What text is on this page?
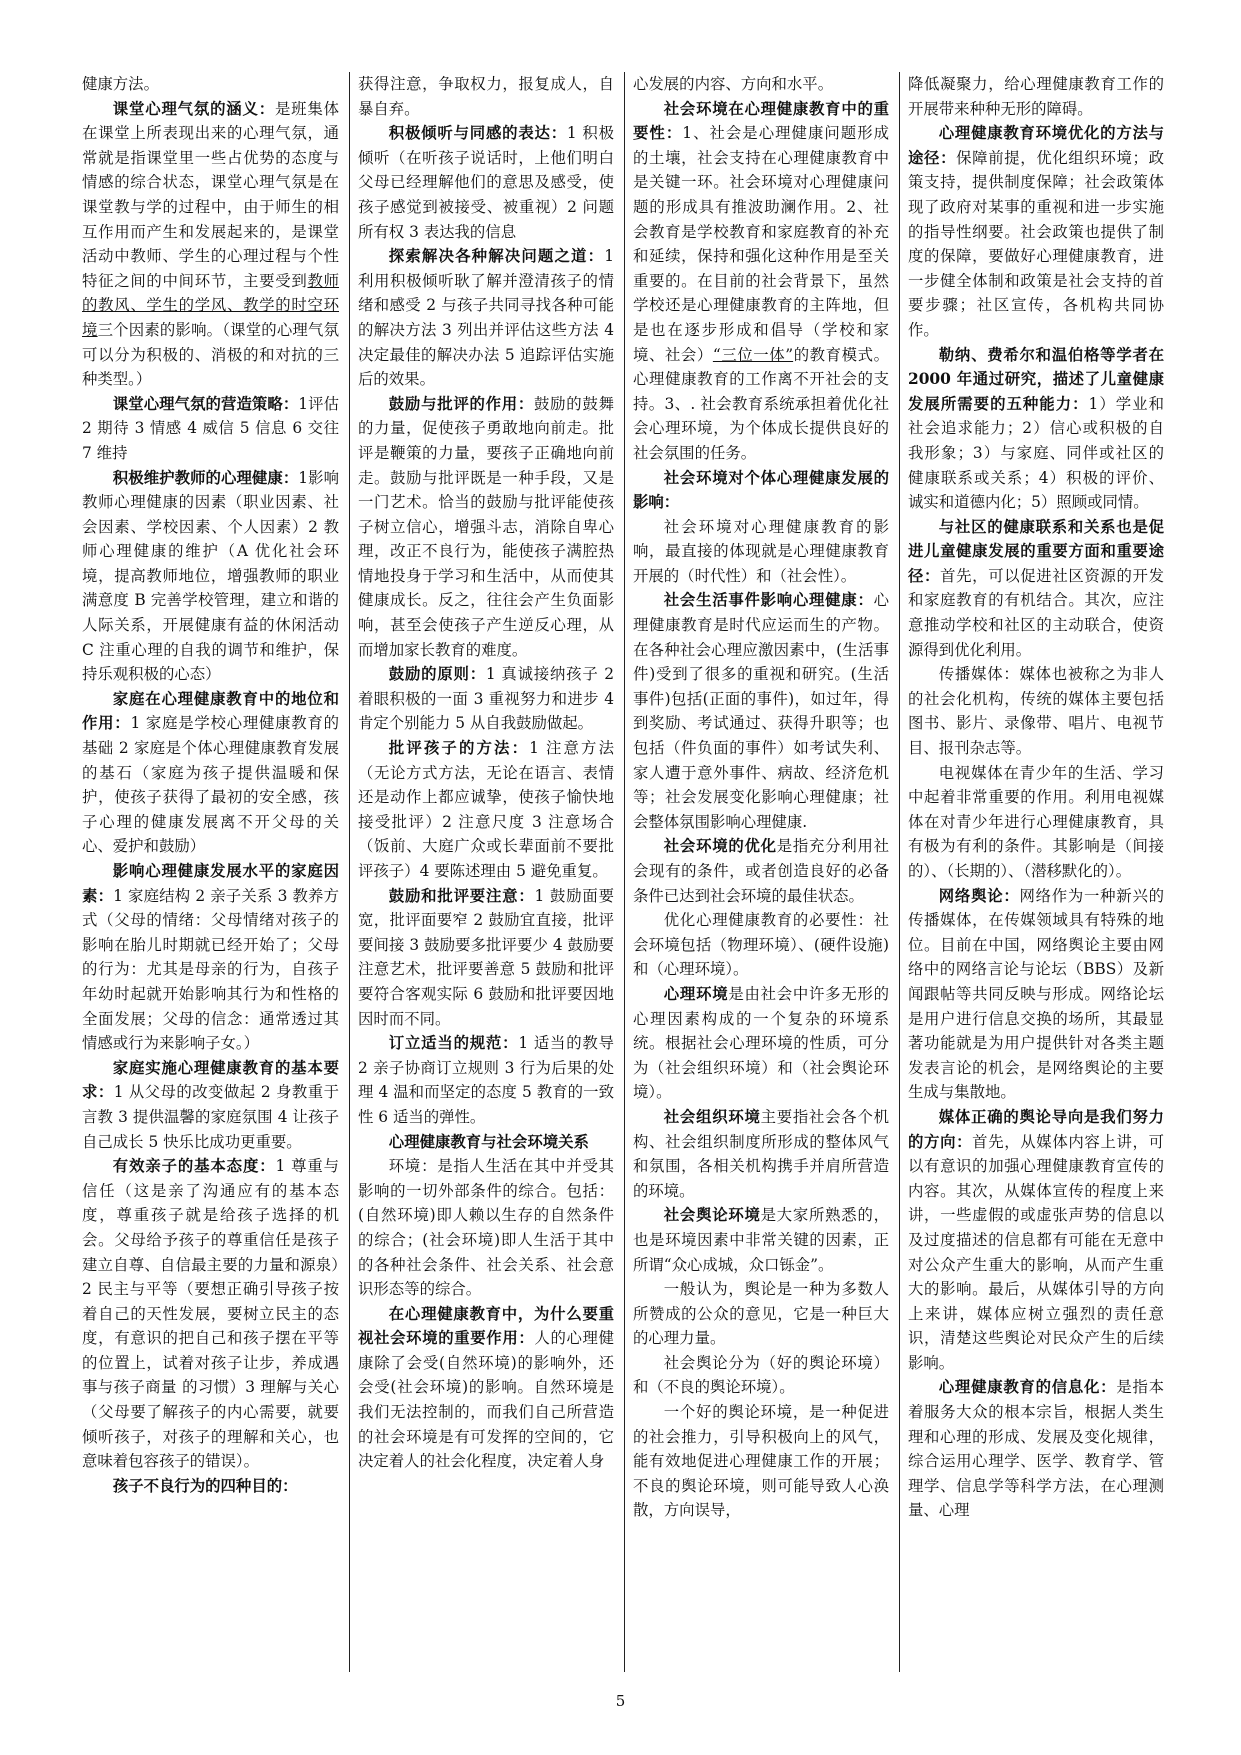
健康方法。

课堂心理气氛的涵义：是班集体在课堂上所表现出来的心理气氛，通常就是指课堂里一些占优势的态度与情感的综合状态，课堂心理气氛是在课堂教与学的过程中，由于师生的相互作用而产生和发展起来的，是课堂活动中教师、学生的心理过程与个性特征之间的中间环节，主要受到教师的教风、学生的学风、教学的时空环境三个因素的影响。（课堂的心理气氛可以分为积极的、消极的和对抗的三种类型。）

课堂心理气氛的营造策略：1评估 2 期待 3 情感 4 威信 5 信息 6 交往 7 维持

积极维护教师的心理健康：1影响教师心理健康的因素（职业因素、社会因素、学校因素、个人因素）2 教师心理健康的维护（A 优化社会环境，提高教师地位，增强教师的职业满意度 B 完善学校管理，建立和谐的人际关系，开展健康有益的休闲活动 C 注重心理的自我的调节和维护，保持乐观积极的心态）

家庭在心理健康教育中的地位和作用：1 家庭是学校心理健康教育的基础 2 家庭是个体心理健康教育发展的基石（家庭为孩子提供温暖和保护，使孩子获得了最初的安全感，孩子心理的健康发展离不开父母的关心、爱护和鼓励）

影响心理健康发展水平的家庭因素：1 家庭结构 2 亲子关系 3 教养方式（父母的情绪：父母情绪对孩子的影响在胎儿时期就已经开始了；父母的行为：尤其是母亲的行为，自孩子年幼时起就开始影响其行为和性格的全面发展；父母的信念：通常透过其情感或行为来影响子女。）

家庭实施心理健康教育的基本要求：1 从父母的改变做起 2 身教重于言教 3 提供温馨的家庭氛围 4 让孩子自己成长 5 快乐比成功更重要。

有效亲子的基本态度：1 尊重与信任（这是亲了沟通应有的基本态度，尊重孩子就是给孩子选择的机会。父母给予孩子的尊重信任是孩子建立自尊、自信最主要的力量和源泉）2 民主与平等（要想正确引导孩子按着自己的天性发展，要树立民主的态度，有意识的把自己和孩子摆在平等的位置上，试着对孩子让步，养成遇事与孩子商量 的习惯）3 理解与关心（父母要了解孩子的内心需要，就要倾听孩子，对孩子的理解和关心，也意味着包容孩子的错误）。

孩子不良行为的四种目的：

获得注意，争取权力，报复成人，自暴自弃。

积极倾听与同感的表达：1 积极倾听（在听孩子说话时，上他们明白父母已经理解他们的意思及感受，使孩子感觉到被接受、被重视）2 问题所有权 3 表达我的信息

探索解决各种解决问题之道：1 利用积极倾听耿了解并澄清孩子的情绪和感受 2 与孩子共同寻找各种可能的解决方法 3 列出并评估这些方法 4 决定最佳的解决办法 5 追踪评估实施后的效果。

鼓励与批评的作用：鼓励的鼓舞的力量，促使孩子勇敢地向前走。批评是鞭策的力量，要孩子正确地向前走。鼓励与批评既是一种手段，又是一门艺术。恰当的鼓励与批评能使孩子树立信心，增强斗志，消除自卑心理，改正不良行为，能使孩子满腔热情地投身于学习和生活中，从而使其健康成长。反之，往往会产生负面影响，甚至会使孩子产生逆反心理，从而增加家长教育的难度。

鼓励的原则：1 真诚接纳孩子 2 着眼积极的一面 3 重视努力和进步 4 肯定个别能力 5 从自我鼓励做起。

批评孩子的方法：1 注意方法（无论方式方法，无论在语言、表情还是动作上都应诚挚，使孩子愉快地接受批评）2 注意尺度 3 注意场合（饭前、大庭广众或长辈面前不要批评孩子）4 要陈述理由 5 避免重复。

鼓励和批评要注意：1 鼓励面要宽，批评面要窄 2 鼓励宜直接，批评要间接 3 鼓励要多批评要少 4 鼓励要注意艺术，批评要善意 5 鼓励和批评要符合客观实际 6 鼓励和批评要因地因时而不同。

订立适当的规范：1 适当的教导 2 亲子协商订立规则 3 行为后果的处理 4 温和而坚定的态度 5 教育的一致性 6 适当的弹性。

心理健康教育与社会环境关系

环境：是指人生活在其中并受其影响的一切外部条件的综合。包括：(自然环境)即人赖以生存的自然条件的综合；(社会环境)即人生活于其中的各种社会条件、社会关系、社会意识形态等的综合。

在心理健康教育中，为什么要重视社会环境的重要作用：人的心理健康除了会受(自然环境)的影响外，还会受(社会环境)的影响。自然环境是我们无法控制的，而我们自己所营造的社会环境是有可发挥的空间的，它决定着人的社会化程度，决定着人身

心发展的内容、方向和水平。

社会环境在心理健康教育中的重要性：1、社会是心理健康问题形成的土壤，社会支持在心理健康教育中是关键一环。社会环境对心理健康问题的形成具有推波助澜作用。2、社会教育是学校教育和家庭教育的补充和延续，保持和强化这种作用是至关重要的。在目前的社会背景下，虽然学校还是心理健康教育的主阵地，但是也在逐步形成和倡导（学校和家境、社会）“三位一体”的教育模式。心理健康教育的工作离不开社会的支持。3、. 社会教育系统承担着优化社会心理环境，为个体成长提供良好的社会氛围的任务。

社会环境对个体心理健康发展的影响：

社会环境对心理健康教育的影响，最直接的体现就是心理健康教育开展的（时代性）和（社会性）。

社会生活事件影响心理健康：心理健康教育是时代应运而生的产物。在各种社会心理应激因素中，(生活事件)受到了很多的重视和研究。(生活事件)包括(正面的事件)，如过年，得到奖励、考试通过、获得升职等；也包括（件负面的事件）如考试失利、家人遭于意外事件、病故、经济危机等；社会发展变化影响心理健康；社会整体氛围影响心理健康.

社会环境的优化是指充分利用社会现有的条件，或者创造良好的必备条件已达到社会环境的最佳状态。

优化心理健康教育的必要性：社会环境包括（物理环境）、(硬件设施)和（心理环境）。

心理环境是由社会中许多无形的心理因素构成的一个复杂的环境系统。根据社会心理环境的性质，可分为（社会组织环境）和（社会舆论环境）。

社会组织环境主要指社会各个机构、社会组织制度所形成的整体风气和氛围，各相关机构携手并肩所营造的环境。

社会舆论环境是大家所熟悉的，也是环境因素中非常关键的因素，正所谓“众心成城，众口铄金”。

一般认为，舆论是一种为多数人所赞成的公众的意见，它是一种巨大的心理力量。

社会舆论分为（好的舆论环境）和（不良的舆论环境）。

一个好的舆论环境，是一种促进的社会推力，引导积极向上的风气，能有效地促进心理健康工作的开展；不良的舆论环境，则可能导致人心涣散，方向误导，

降低凝聚力，给心理健康教育工作的开展带来种种无形的障碍。

心理健康教育环境优化的方法与途径：保障前提，优化组织环境；政策支持，提供制度保障；社会政策体现了政府对某事的重视和进一步实施的指导性纲要。社会政策也提供了制度的保障，要做好心理健康教育，进一步健全体制和政策是社会支持的首要步骤；社区宣传，各机构共同协作。

勒纳、费希尔和温伯格等学者在 2000 年通过研究，描述了儿童健康发展所需要的五种能力：1）学业和社会追求能力；2）信心或积极的自我形象；3）与家庭、同伴或社区的健康联系或关系；4）积极的评价、诚实和道德内化；5）照顾或同情。

与社区的健康联系和关系也是促进儿童健康发展的重要方面和重要途径：首先，可以促进社区资源的开发和家庭教育的有机结合。其次，应注意推动学校和社区的主动联合，使资源得到优化利用。

传播媒体：媒体也被称之为非人的社会化机构，传统的媒体主要包括图书、影片、录像带、唱片、电视节目、报刊杂志等。

电视媒体在青少年的生活、学习中起着非常重要的作用。利用电视媒体在对青少年进行心理健康教育，具有极为有利的条件。其影响是（间接的）、（长期的）、（潜移默化的）。

网络舆论：网络作为一种新兴的传播媒体，在传媒领域具有特殊的地位。目前在中国，网络舆论主要由网络中的网络言论与论坛（BBS）及新闻跟帖等共同反映与形成。网络论坛是用户进行信息交换的场所，其最显著功能就是为用户提供针对各类主题发表言论的机会，是网络舆论的主要生成与集散地。

媒体正确的舆论导向是我们努力的方向：首先，从媒体内容上讲，可以有意识的加强心理健康教育宣传的内容。其次，从媒体宣传的程度上来讲，一些虚假的或虚张声势的信息以及过度描述的信息都有可能在无意中对公众产生重大的影响，从而产生重大的影响。最后，从媒体引导的方向上来讲，媒体应树立强烈的责任意识，清楚这些舆论对民众产生的后续影响。

心理健康教育的信息化：是指本着服务大众的根本宗旨，根据人类生理和心理的形成、发展及变化规律，综合运用心理学、医学、教育学、管理学、信息学等科学方法，在心理测量、心理

5
